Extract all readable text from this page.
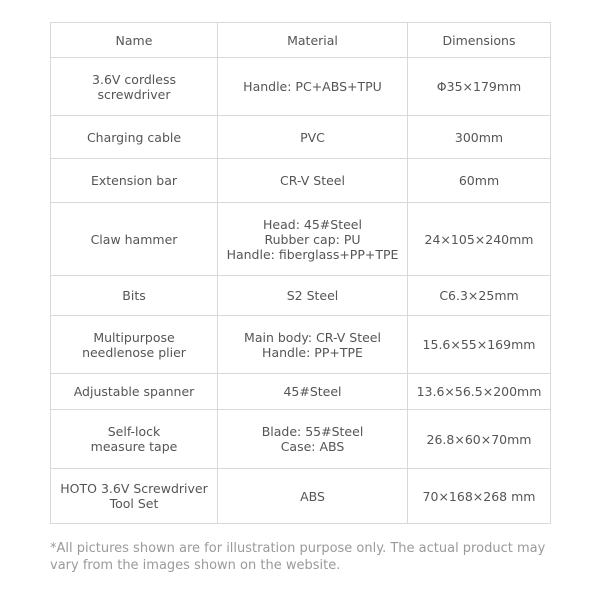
Name	Material	Dimensions

3.6V cordless
screwdriver	Handle: PC+ABS+TPU	Φ35×179mm

Charging cable	PVC	300mm

Extension bar	CR-V Steel	60mm

Claw hammer	Head: 45#Steel
Rubber cap: PU
Handle: fiberglass+PP+TPE	24×105×240mm

Bits	S2 Steel	C6.3×25mm

Multipurpose
needlenose plier	Main body: CR-V Steel
Handle: PP+TPE	15.6×55×169mm

Adjustable spanner	45#Steel	13.6×56.5×200mm

Self-lock
measure tape	Blade: 55#Steel
Case: ABS	26.8×60×70mm

HOTO 3.6V Screwdriver
Tool Set	ABS	70×168×268 mm
*All pictures shown are for illustration purpose only. The actual product may vary from the images shown on the website.
